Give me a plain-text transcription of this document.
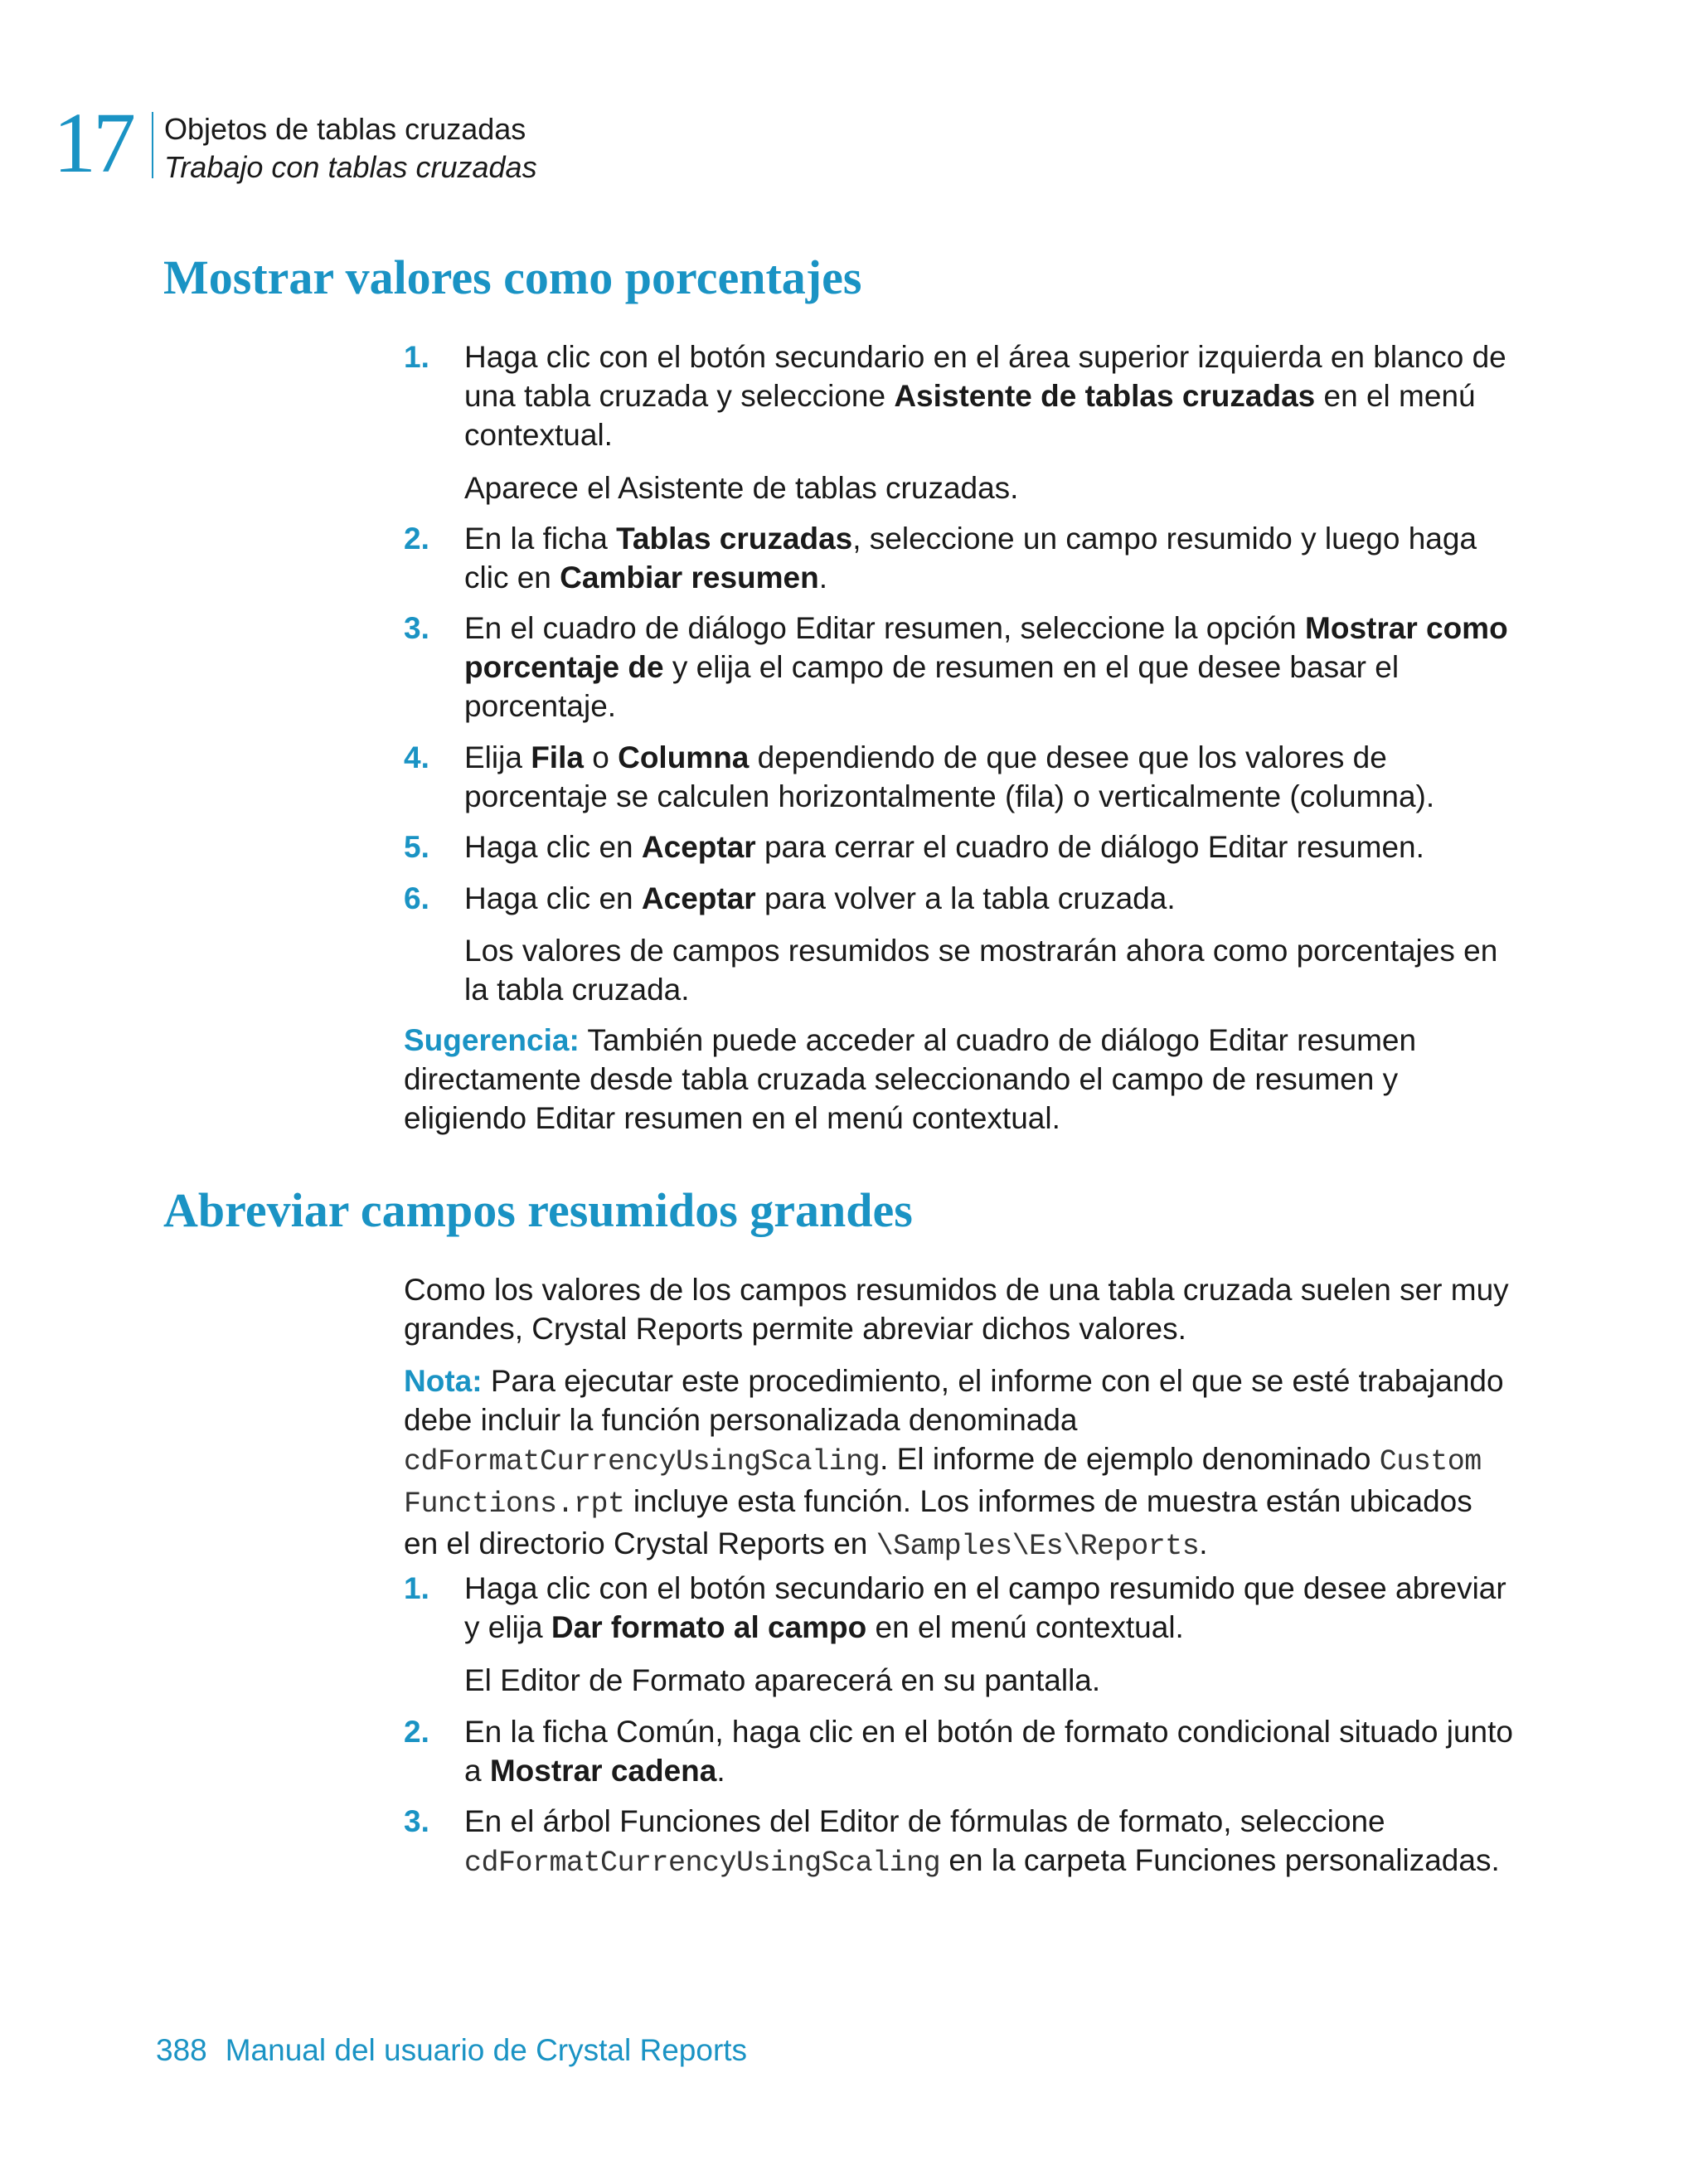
17 Objetos de tablas cruzadas
Trabajo con tablas cruzadas
Mostrar valores como porcentajes
1.	Haga clic con el botón secundario en el área superior izquierda en blanco de una tabla cruzada y seleccione Asistente de tablas cruzadas en el menú contextual.
Aparece el Asistente de tablas cruzadas.
2.	En la ficha Tablas cruzadas, seleccione un campo resumido y luego haga clic en Cambiar resumen.
3.	En el cuadro de diálogo Editar resumen, seleccione la opción Mostrar como porcentaje de y elija el campo de resumen en el que desee basar el porcentaje.
4.	Elija Fila o Columna dependiendo de que desee que los valores de porcentaje se calculen horizontalmente (fila) o verticalmente (columna).
5.	Haga clic en Aceptar para cerrar el cuadro de diálogo Editar resumen.
6.	Haga clic en Aceptar para volver a la tabla cruzada.
Los valores de campos resumidos se mostrarán ahora como porcentajes en la tabla cruzada.
Sugerencia: También puede acceder al cuadro de diálogo Editar resumen directamente desde tabla cruzada seleccionando el campo de resumen y eligiendo Editar resumen en el menú contextual.
Abreviar campos resumidos grandes
Como los valores de los campos resumidos de una tabla cruzada suelen ser muy grandes, Crystal Reports permite abreviar dichos valores.
Nota: Para ejecutar este procedimiento, el informe con el que se esté trabajando debe incluir la función personalizada denominada cdFormatCurrencyUsingScaling. El informe de ejemplo denominado Custom Functions.rpt incluye esta función. Los informes de muestra están ubicados en el directorio Crystal Reports en \Samples\Es\Reports.
1.	Haga clic con el botón secundario en el campo resumido que desee abreviar y elija Dar formato al campo en el menú contextual.
El Editor de Formato aparecerá en su pantalla.
2.	En la ficha Común, haga clic en el botón de formato condicional situado junto a Mostrar cadena.
3.	En el árbol Funciones del Editor de fórmulas de formato, seleccione cdFormatCurrencyUsingScaling en la carpeta Funciones personalizadas.
388 Manual del usuario de Crystal Reports
